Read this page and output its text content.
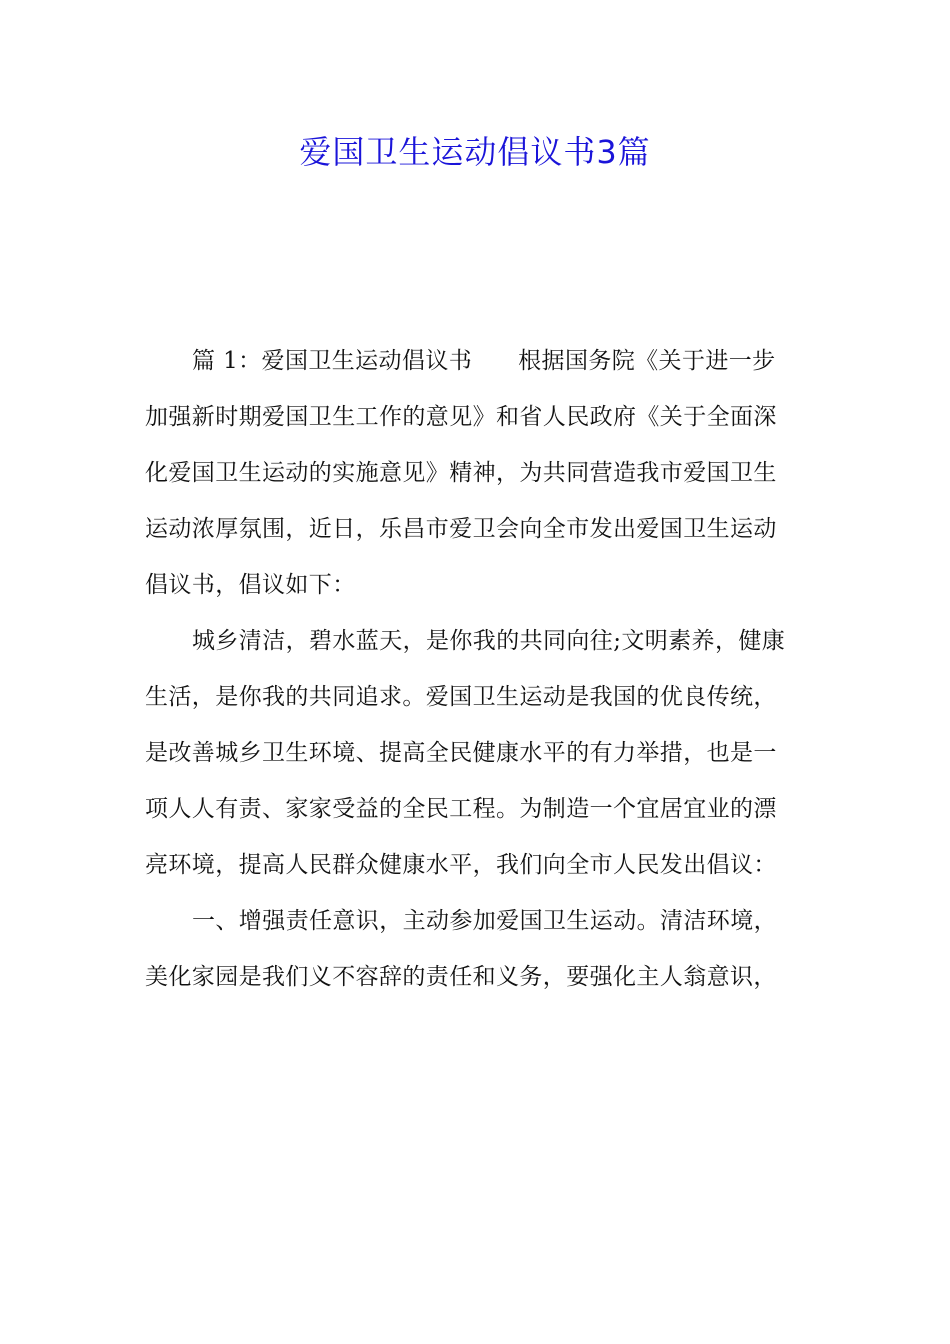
爱国卫生运动倡议书3篇
篇 1：爱国卫生运动倡议书 根据国务院《关于进一步
加强新时期爱国卫生工作的意见》和省人民政府《关于全面深
化爱国卫生运动的实施意见》精神，为共同营造我市爱国卫生
运动浓厚氛围，近日，乐昌市爱卫会向全市发出爱国卫生运动
倡议书，倡议如下：
城乡清洁，碧水蓝天，是你我的共同向往;文明素养，健康
生活，是你我的共同追求。爱国卫生运动是我国的优良传统，
是改善城乡卫生环境、提高全民健康水平的有力举措，也是一
项人人有责、家家受益的全民工程。为制造一个宜居宜业的漂
亮环境，提高人民群众健康水平，我们向全市人民发出倡议：
一、增强责任意识，主动参加爱国卫生运动。清洁环境，
美化家园是我们义不容辞的责任和义务，要强化主人翁意识，
